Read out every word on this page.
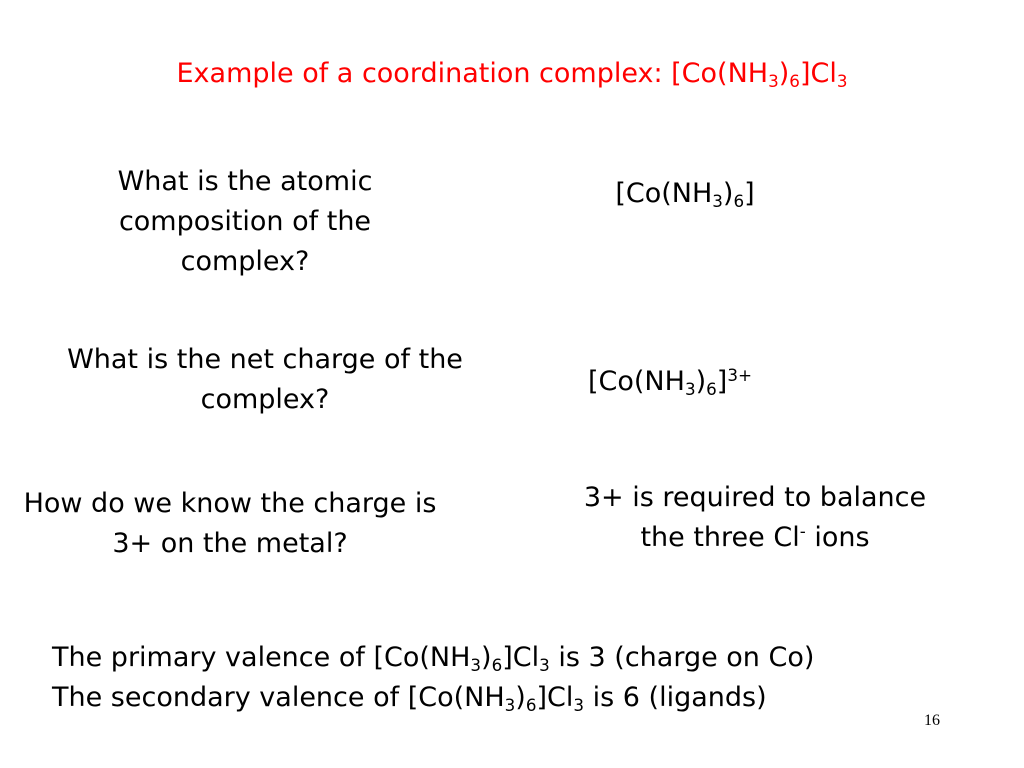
Example of a coordination complex: $[Co(NH_3)_6]Cl_3$
What is the atomic composition of the complex?
$[Co(NH_3)_6]$
What is the net charge of the complex?
$[Co(NH_3)_6]^{3+}$
How do we know the charge is 3+ on the metal?
3+ is required to balance
the three Cl- ions
The primary valence of $[Co(NH_3)_6]Cl_3$ is 3 (charge on Co)
The secondary valence of $[Co(NH_3)_6]Cl_3$ is 6 (ligands)
16
